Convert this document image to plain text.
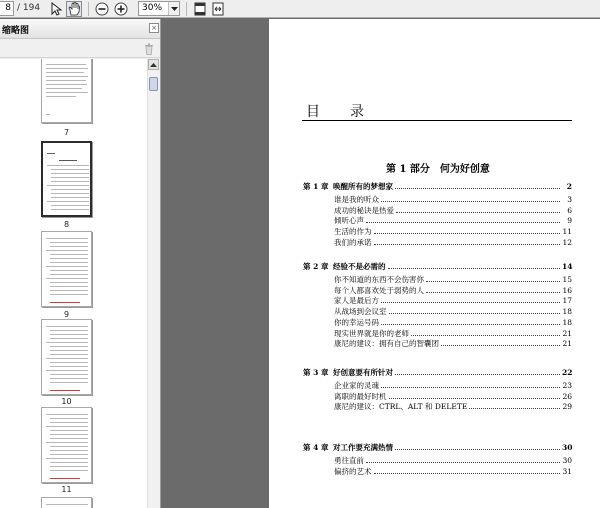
8 / 194	30%
缩略图	×
7
8
9
10
11
目 录
第 1 部分　何为好创意
第 1 章 唤醒所有的梦想家	2
谁是我的听众	3
成功的秘诀是热爱	6
倾听心声	9
生活的作为	11
我们的承诺	12
第 2 章 经验不是必需的	14
你不知道的东西不会伤害你	15
每个人都喜欢处于弱势的人	16
家人是最后方	17
从战场到会议室	18
你的幸运号码	18
现实世界就是你的老师	21
康尼的建议：拥有自己的智囊团	21
第 3 章 好创意要有所针对	22
企业家的灵魂	23
离职的最好时机	26
康尼的建议：CTRL、ALT 和 DELETE	29
第 4 章 对工作要充满热情	30
勇往直前	30
偏挤的艺术	31
